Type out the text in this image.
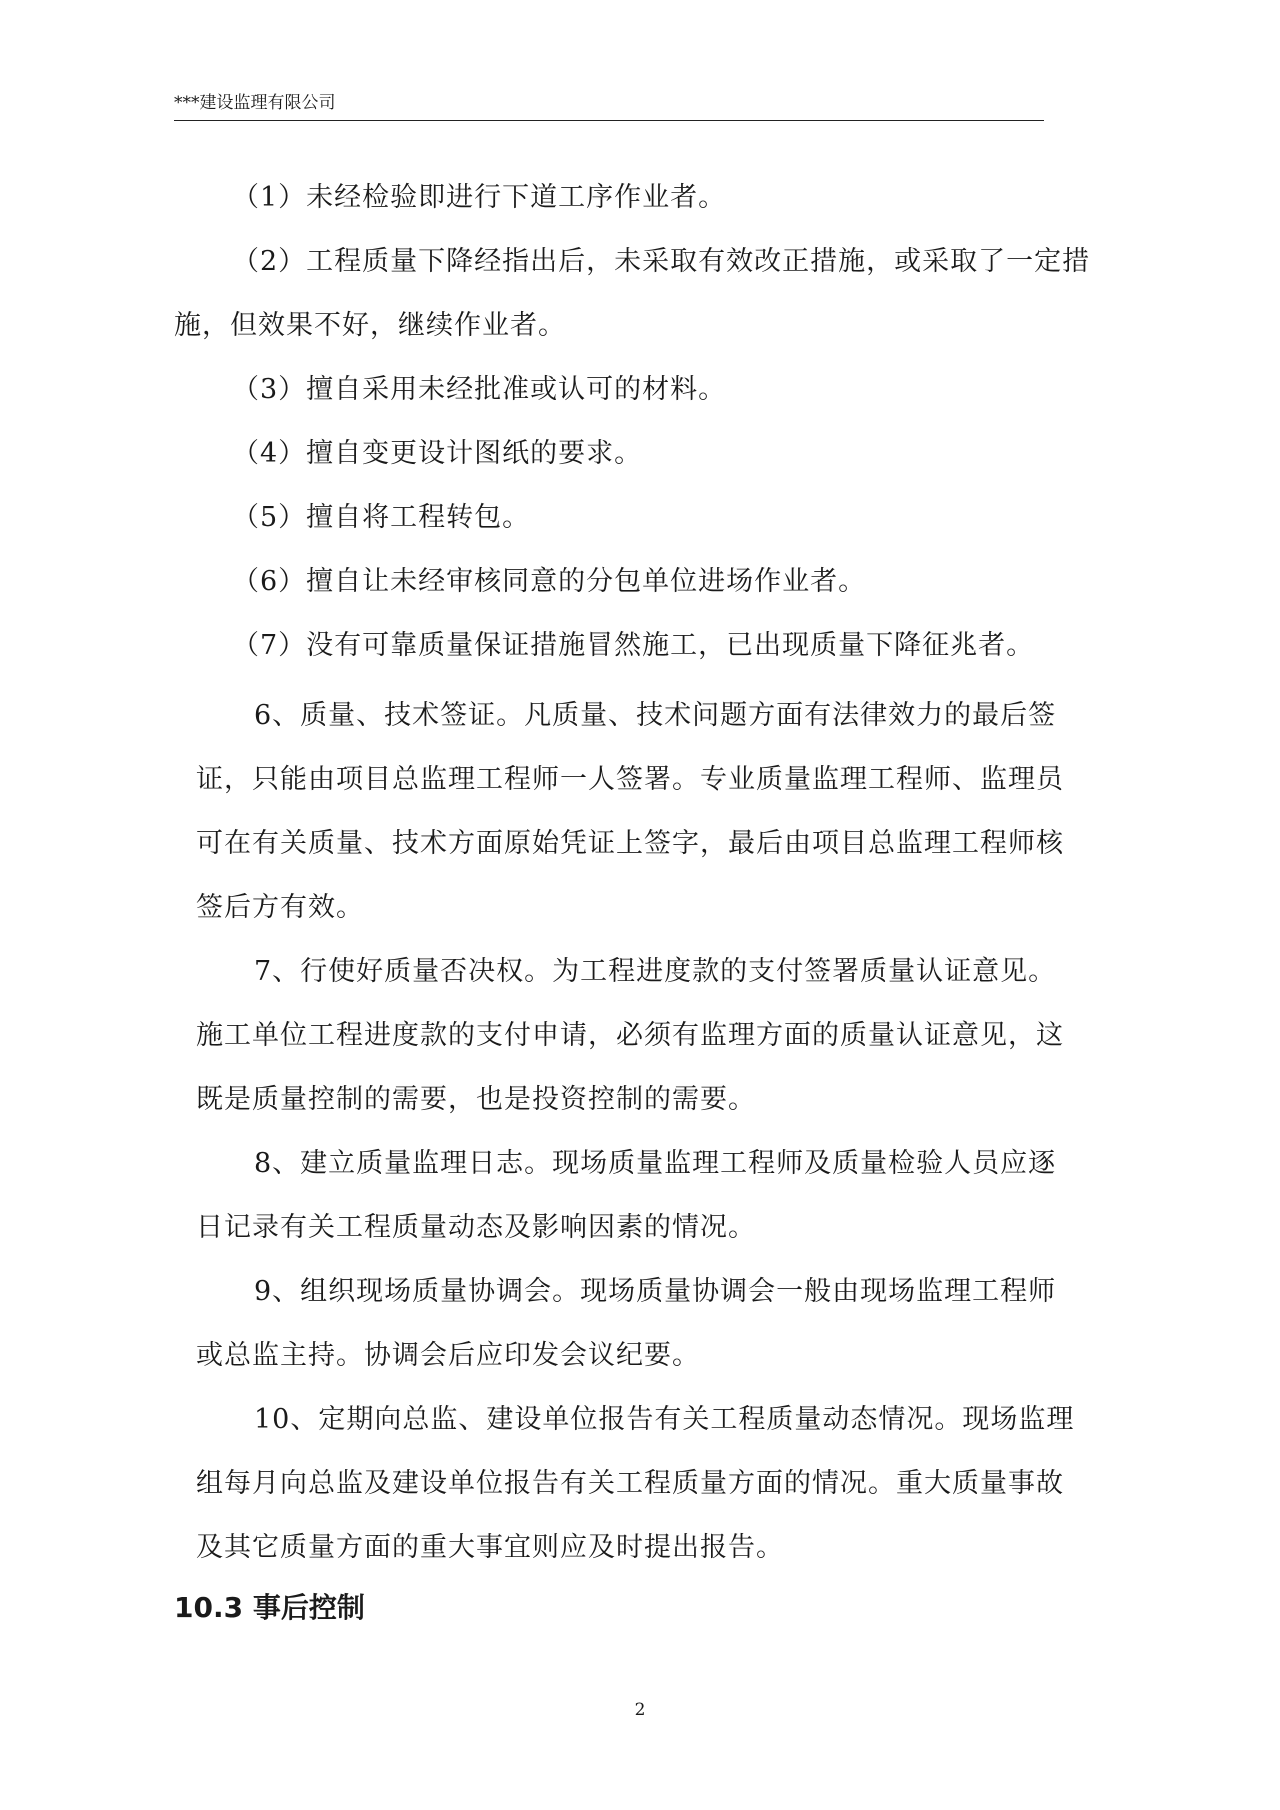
***建设监理有限公司
（1）未经检验即进行下道工序作业者。
（2）工程质量下降经指出后，未采取有效改正措施，或采取了一定措
施，但效果不好，继续作业者。
（3）擅自采用未经批准或认可的材料。
（4）擅自变更设计图纸的要求。
（5）擅自将工程转包。
（6）擅自让未经审核同意的分包单位进场作业者。
（7）没有可靠质量保证措施冒然施工，已出现质量下降征兆者。
6、质量、技术签证。凡质量、技术问题方面有法律效力的最后签
证，只能由项目总监理工程师一人签署。专业质量监理工程师、监理员
可在有关质量、技术方面原始凭证上签字，最后由项目总监理工程师核
签后方有效。
7、行使好质量否决权。为工程进度款的支付签署质量认证意见。
施工单位工程进度款的支付申请，必须有监理方面的质量认证意见，这
既是质量控制的需要，也是投资控制的需要。
8、建立质量监理日志。现场质量监理工程师及质量检验人员应逐
日记录有关工程质量动态及影响因素的情况。
9、组织现场质量协调会。现场质量协调会一般由现场监理工程师
或总监主持。协调会后应印发会议纪要。
10、定期向总监、建设单位报告有关工程质量动态情况。现场监理
组每月向总监及建设单位报告有关工程质量方面的情况。重大质量事故
及其它质量方面的重大事宜则应及时提出报告。
10.3 事后控制
2
